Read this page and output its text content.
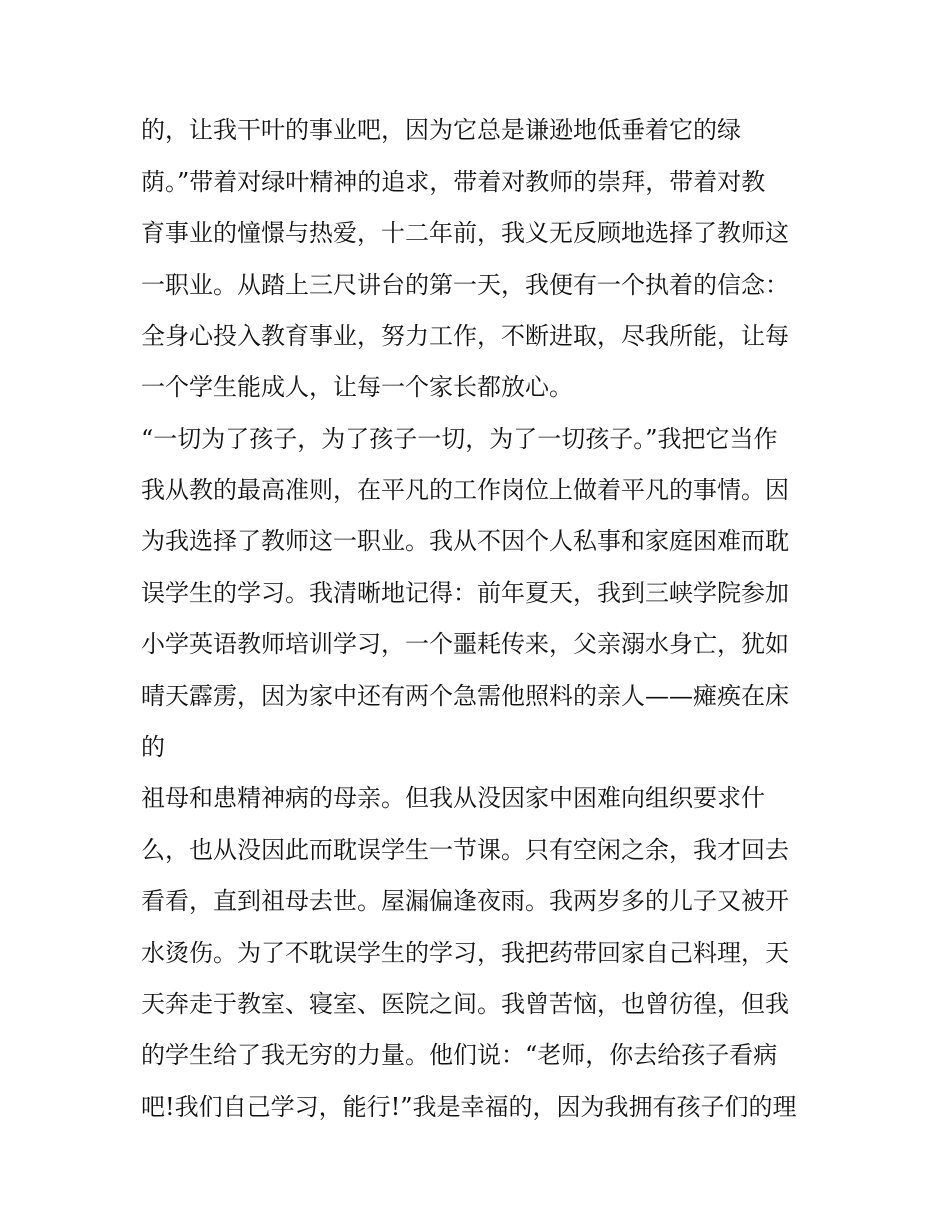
的，让我干叶的事业吧，因为它总是谦逊地低垂着它的绿
荫。”带着对绿叶精神的追求，带着对教师的崇拜，带着对教
育事业的憧憬与热爱，十二年前，我义无反顾地选择了教师这
一职业。从踏上三尺讲台的第一天，我便有一个执着的信念：
全身心投入教育事业，努力工作，不断进取，尽我所能，让每
一个学生能成人，让每一个家长都放心。
“一切为了孩子，为了孩子一切，为了一切孩子。”我把它当作
我从教的最高准则，在平凡的工作岗位上做着平凡的事情。因
为我选择了教师这一职业。我从不因个人私事和家庭困难而耽
误学生的学习。我清晰地记得：前年夏天，我到三峡学院参加
小学英语教师培训学习，一个噩耗传来，父亲溺水身亡，犹如
晴天霹雳，因为家中还有两个急需他照料的亲人——瘫痪在床
的
祖母和患精神病的母亲。但我从没因家中困难向组织要求什
么，也从没因此而耽误学生一节课。只有空闲之余，我才回去
看看，直到祖母去世。屋漏偏逢夜雨。我两岁多的儿子又被开
水烫伤。为了不耽误学生的学习，我把药带回家自己料理，天
天奔走于教室、寝室、医院之间。我曾苦恼，也曾彷徨，但我
的学生给了我无穷的力量。他们说：“老师，你去给孩子看病
吧!我们自己学习，能行!”我是幸福的，因为我拥有孩子们的理
